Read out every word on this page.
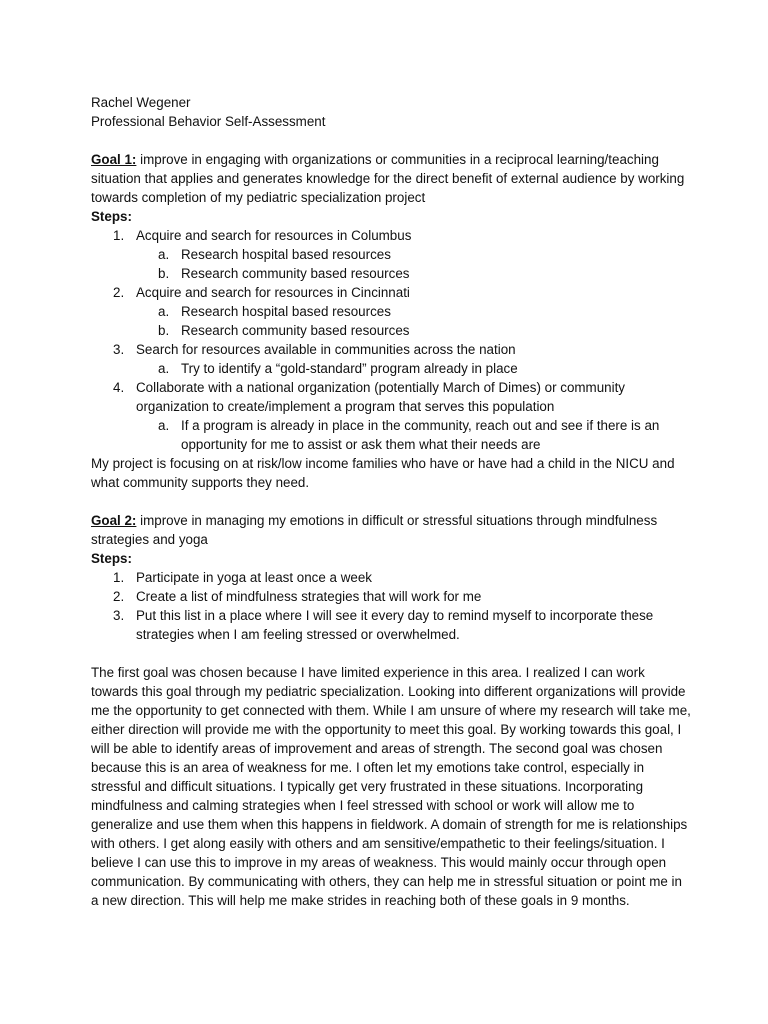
Rachel Wegener

Professional Behavior Self-Assessment

Goal 1: improve in engaging with organizations or communities in a reciprocal learning/teaching situation that applies and generates knowledge for the direct benefit of external audience by working towards completion of my pediatric specialization project

Steps:

1. Acquire and search for resources in Columbus
a. Research hospital based resources
b. Research community based resources
2. Acquire and search for resources in Cincinnati
a. Research hospital based resources
b. Research community based resources
3. Search for resources available in communities across the nation
a. Try to identify a “gold-standard” program already in place
4. Collaborate with a national organization (potentially March of Dimes) or community organization to create/implement a program that serves this population
a. If a program is already in place in the community, reach out and see if there is an opportunity for me to assist or ask them what their needs are

My project is focusing on at risk/low income families who have or have had a child in the NICU and what community supports they need.

Goal 2: improve in managing my emotions in difficult or stressful situations through mindfulness strategies and yoga

Steps:

1. Participate in yoga at least once a week
2. Create a list of mindfulness strategies that will work for me
3. Put this list in a place where I will see it every day to remind myself to incorporate these strategies when I am feeling stressed or overwhelmed.

The first goal was chosen because I have limited experience in this area. I realized I can work towards this goal through my pediatric specialization. Looking into different organizations will provide me the opportunity to get connected with them. While I am unsure of where my research will take me, either direction will provide me with the opportunity to meet this goal. By working towards this goal, I will be able to identify areas of improvement and areas of strength. The second goal was chosen because this is an area of weakness for me. I often let my emotions take control, especially in stressful and difficult situations. I typically get very frustrated in these situations. Incorporating mindfulness and calming strategies when I feel stressed with school or work will allow me to generalize and use them when this happens in fieldwork. A domain of strength for me is relationships with others. I get along easily with others and am sensitive/empathetic to their feelings/situation. I believe I can use this to improve in my areas of weakness. This would mainly occur through open communication. By communicating with others, they can help me in stressful situation or point me in a new direction. This will help me make strides in reaching both of these goals in 9 months.
